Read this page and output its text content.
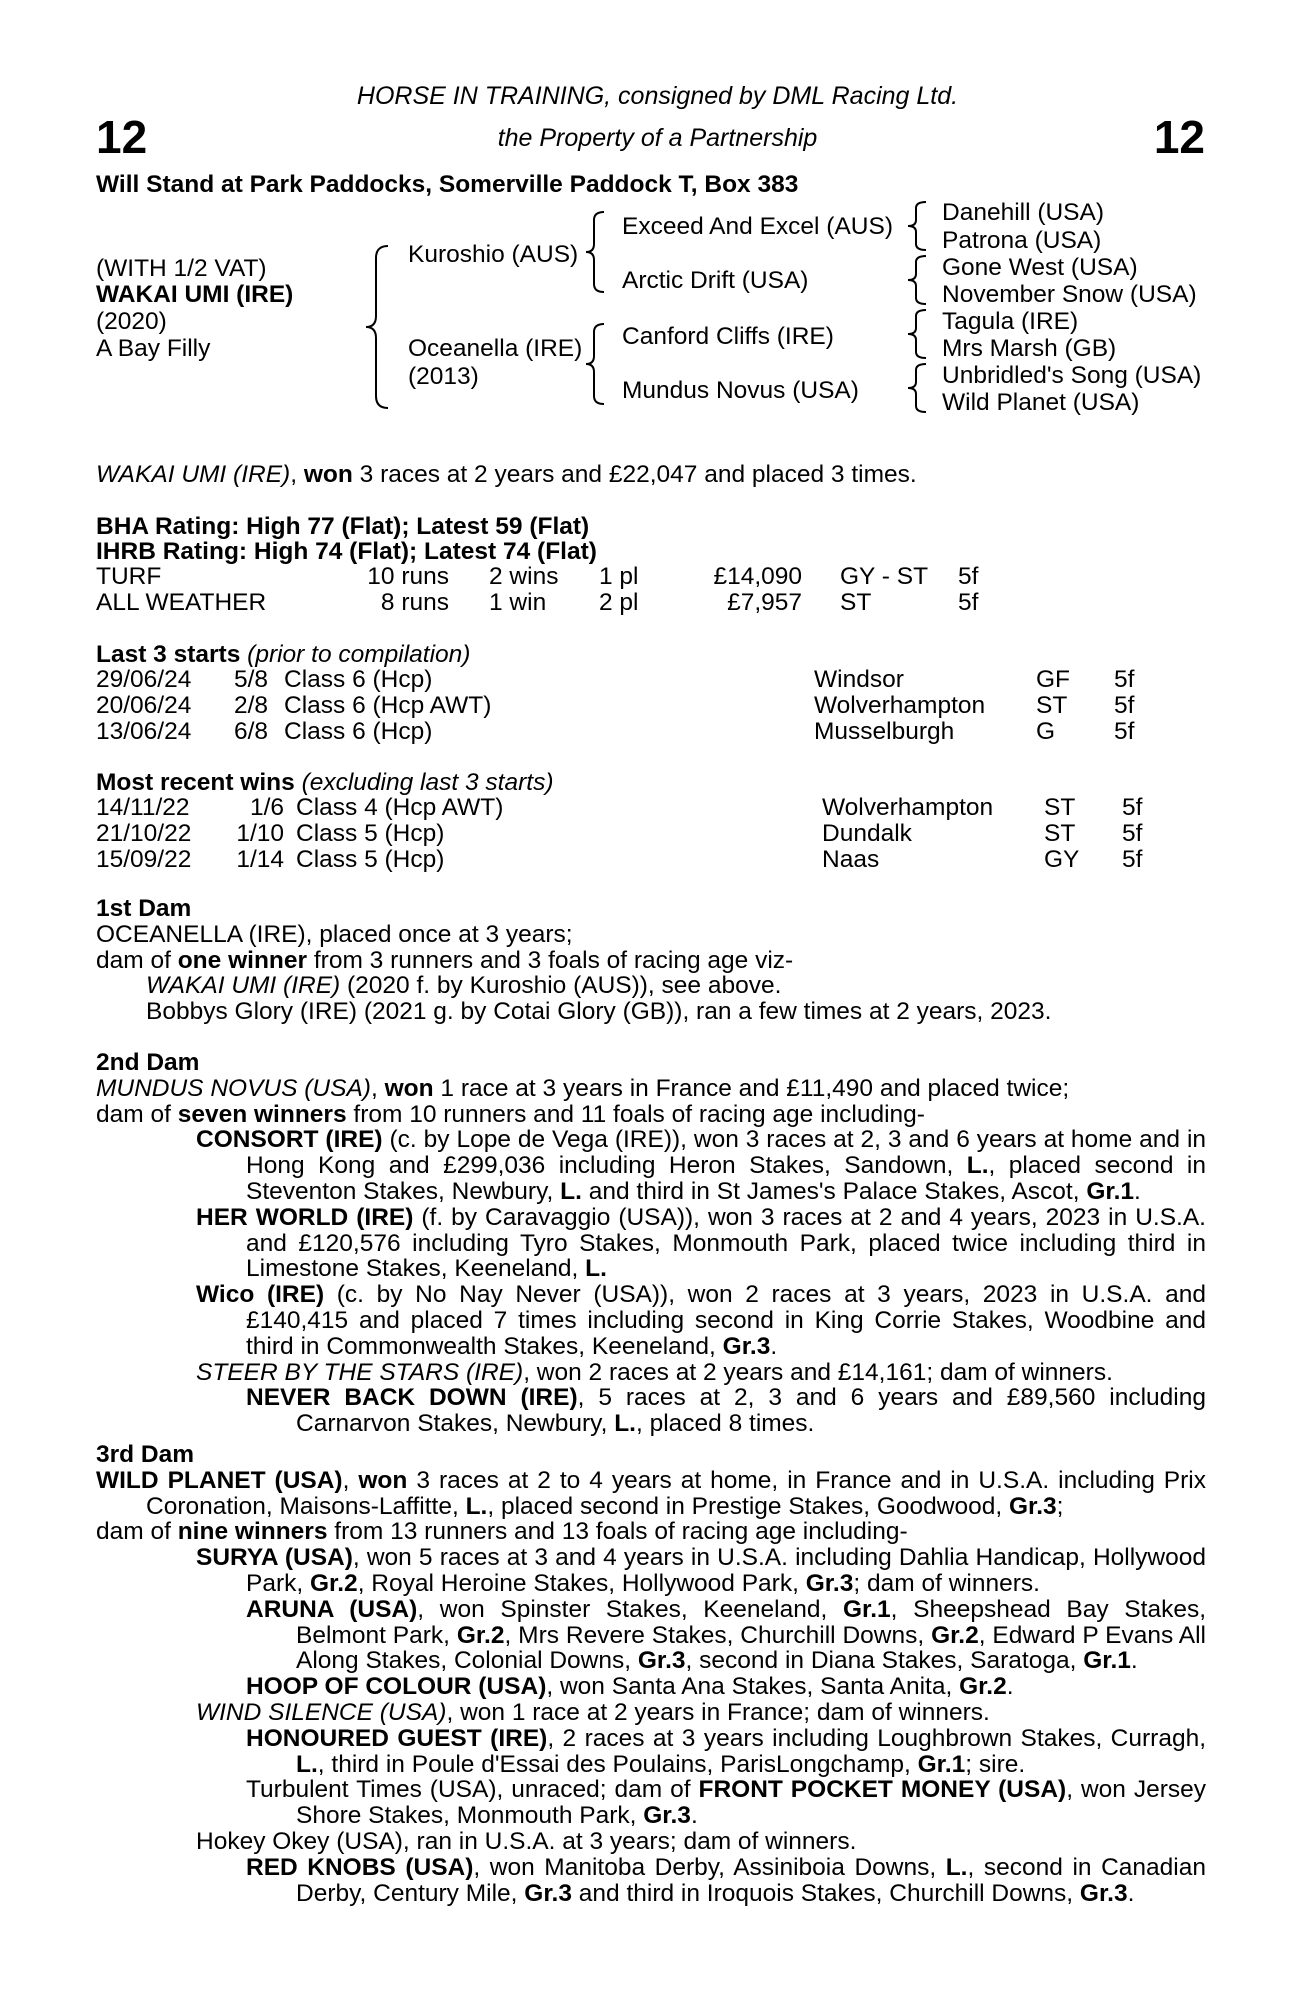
12	12
HORSE IN TRAINING, consigned by DML Racing Ltd.
the Property of a Partnership
Will Stand at Park Paddocks, Somerville Paddock T, Box 383
(WITH 1/2 VAT)
WAKAI UMI (IRE)
(2020)
A Bay Filly
Kuroshio (AUS)
Oceanella (IRE)
(2013)
Exceed And Excel (AUS)
Arctic Drift (USA)
Canford Cliffs (IRE)
Mundus Novus (USA)
Danehill (USA)
Patrona (USA)
Gone West (USA)
November Snow (USA)
Tagula (IRE)
Mrs Marsh (GB)
Unbridled's Song (USA)
Wild Planet (USA)
WAKAI UMI (IRE), won 3 races at 2 years and £22,047 and placed 3 times.
BHA Rating: High 77 (Flat); Latest 59 (Flat)
IHRB Rating: High 74 (Flat); Latest 74 (Flat)
TURF	10 runs		2 wins	1 pl	£14,090		GY - ST	5f
ALL WEATHER	8 runs		1 win	2 pl	£7,957		ST	5f
Last 3 starts (prior to compilation)
29/06/24	5/8	Class 6 (Hcp)	Windsor	GF	5f
20/06/24	2/8	Class 6 (Hcp AWT)	Wolverhampton	ST	5f
13/06/24	6/8	Class 6 (Hcp)	Musselburgh	G	5f
Most recent wins (excluding last 3 starts)
14/11/22	1/6	Class 4 (Hcp AWT)	Wolverhampton	ST	5f
21/10/22	1/10	Class 5 (Hcp)	Dundalk	ST	5f
15/09/22	1/14	Class 5 (Hcp)	Naas	GY	5f

1st Dam

OCEANELLA (IRE), placed once at 3 years;

dam of one winner from 3 runners and 3 foals of racing age viz-

WAKAI UMI (IRE) (2020 f. by Kuroshio (AUS)), see above.

Bobbys Glory (IRE) (2021 g. by Cotai Glory (GB)), ran a few times at 2 years, 2023.

2nd Dam

MUNDUS NOVUS (USA), won 1 race at 3 years in France and £11,490 and placed twice;

dam of seven winners from 10 runners and 11 foals of racing age including-

CONSORT (IRE) (c. by Lope de Vega (IRE)), won 3 races at 2, 3 and 6 years at home and in Hong Kong and £299,036 including Heron Stakes, Sandown, L., placed second in Steventon Stakes, Newbury, L. and third in St James's Palace Stakes, Ascot, Gr.1.

HER WORLD (IRE) (f. by Caravaggio (USA)), won 3 races at 2 and 4 years, 2023 in U.S.A. and £120,576 including Tyro Stakes, Monmouth Park, placed twice including third in Limestone Stakes, Keeneland, L.

Wico (IRE) (c. by No Nay Never (USA)), won 2 races at 3 years, 2023 in U.S.A. and £140,415 and placed 7 times including second in King Corrie Stakes, Woodbine and third in Commonwealth Stakes, Keeneland, Gr.3.

STEER BY THE STARS (IRE), won 2 races at 2 years and £14,161; dam of winners.

NEVER BACK DOWN (IRE), 5 races at 2, 3 and 6 years and £89,560 including Carnarvon Stakes, Newbury, L., placed 8 times.

3rd Dam

WILD PLANET (USA), won 3 races at 2 to 4 years at home, in France and in U.S.A. including Prix Coronation, Maisons-Laffitte, L., placed second in Prestige Stakes, Goodwood, Gr.3;

dam of nine winners from 13 runners and 13 foals of racing age including-

SURYA (USA), won 5 races at 3 and 4 years in U.S.A. including Dahlia Handicap, Hollywood Park, Gr.2, Royal Heroine Stakes, Hollywood Park, Gr.3; dam of winners.

ARUNA (USA), won Spinster Stakes, Keeneland, Gr.1, Sheepshead Bay Stakes, Belmont Park, Gr.2, Mrs Revere Stakes, Churchill Downs, Gr.2, Edward P Evans All Along Stakes, Colonial Downs, Gr.3, second in Diana Stakes, Saratoga, Gr.1.

HOOP OF COLOUR (USA), won Santa Ana Stakes, Santa Anita, Gr.2.

WIND SILENCE (USA), won 1 race at 2 years in France; dam of winners.

HONOURED GUEST (IRE), 2 races at 3 years including Loughbrown Stakes, Curragh, L., third in Poule d'Essai des Poulains, ParisLongchamp, Gr.1; sire.

Turbulent Times (USA), unraced; dam of FRONT POCKET MONEY (USA), won Jersey Shore Stakes, Monmouth Park, Gr.3.

Hokey Okey (USA), ran in U.S.A. at 3 years; dam of winners.

RED KNOBS (USA), won Manitoba Derby, Assiniboia Downs, L., second in Canadian Derby, Century Mile, Gr.3 and third in Iroquois Stakes, Churchill Downs, Gr.3.
